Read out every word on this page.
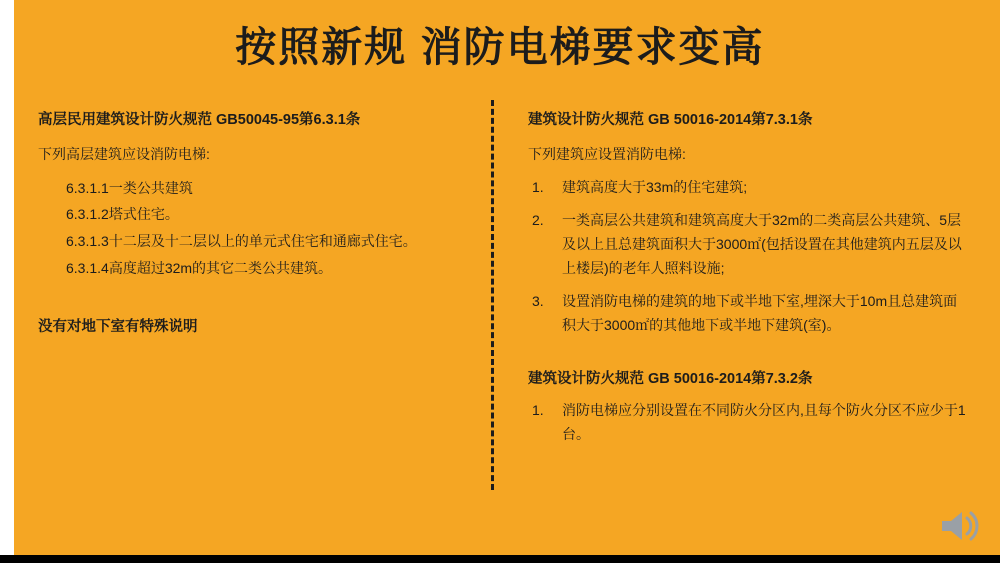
按照新规 消防电梯要求变高
高层民用建筑设计防火规范 GB50045-95第6.3.1条

下列高层建筑应设消防电梯:

6.3.1.1一类公共建筑
6.3.1.2塔式住宅。
6.3.1.3十二层及十二层以上的单元式住宅和通廊式住宅。
6.3.1.4高度超过32m的其它二类公共建筑。
没有对地下室有特殊说明
建筑设计防火规范 GB 50016-2014第7.3.1条

下列建筑应设置消防电梯:

1.	建筑高度大于33m的住宅建筑;
2.	一类高层公共建筑和建筑高度大于32m的二类高层公共建筑、5层及以上且总建筑面积大于3000㎡(包括设置在其他建筑内五层及以上楼层)的老年人照料设施;
3.	设置消防电梯的建筑的地下或半地下室,埋深大于10m且总建筑面积大于3000㎡的其他地下或半地下建筑(室)。
建筑设计防火规范 GB 50016-2014第7.3.2条
1.	消防电梯应分别设置在不同防火分区内,且每个防火分区不应少于1台。
